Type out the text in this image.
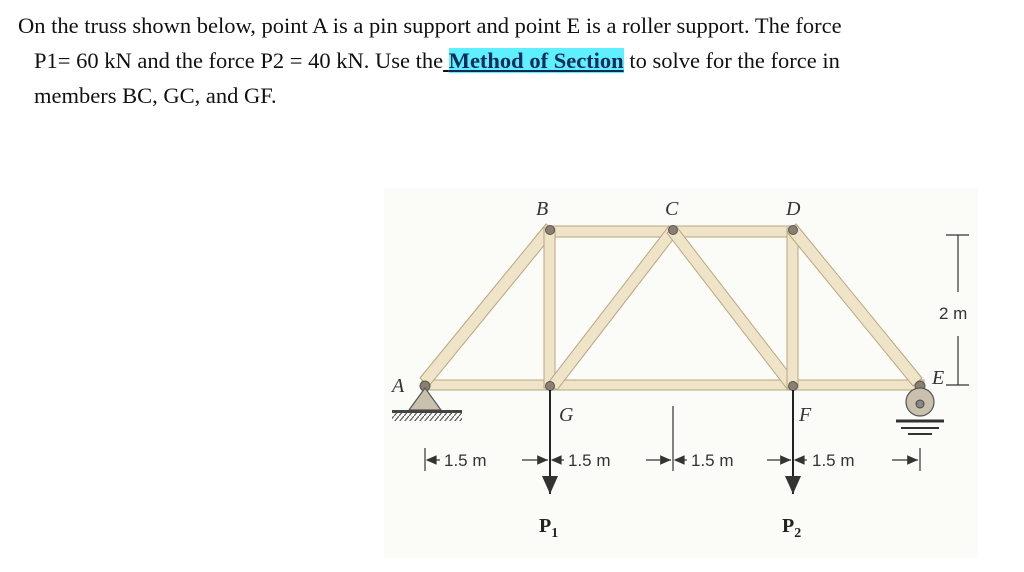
On the truss shown below, point A is a pin support and point E is a roller support. The force
P1= 60 kN and the force P2 = 40 kN. Use the Method of Section to solve for the force in
members BC, GC, and GF.
B	C	D
A	E
G	F
2 m
1.5 m	1.5 m	1.5 m	1.5 m
$P_1$	$P_2$
